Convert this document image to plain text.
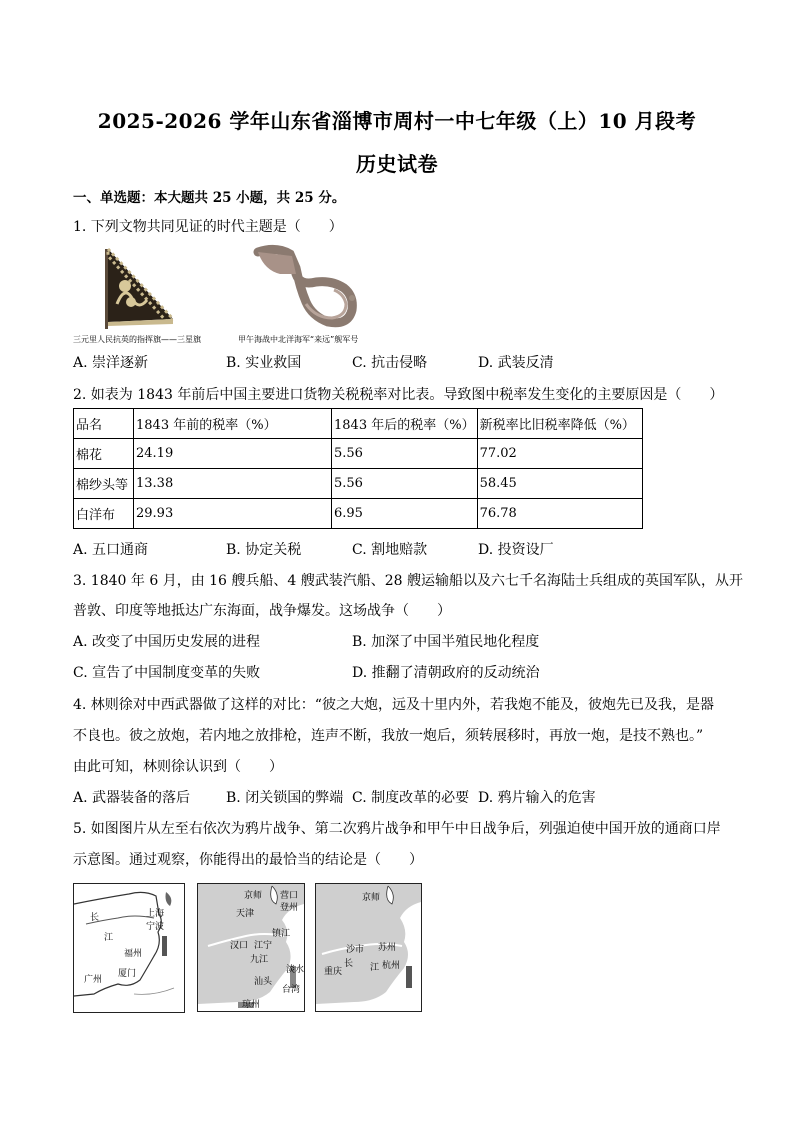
2025-2026 学年山东省淄博市周村一中七年级（上）10 月段考
历史试卷
一、单选题：本大题共 25 小题，共 25 分。
1. 下列文物共同见证的时代主题是（　　）
三元里人民抗英的指挥旗——三星旗	甲午海战中北洋海军“来远”舰军号
A. 崇洋逐新	B. 实业救国	C. 抗击侵略	D. 武装反清
2. 如表为 1843 年前后中国主要进口货物关税税率对比表。导致图中税率发生变化的主要原因是（　　）
品名	1843 年前的税率（%）	1843 年后的税率（%）	新税率比旧税率降低（%）
棉花	24.19	5.56	77.02
棉纱头等	13.38	5.56	58.45
白洋布	29.93	6.95	76.78
A. 五口通商	B. 协定关税	C. 割地赔款	D. 投资设厂
3. 1840 年 6 月，由 16 艘兵船、4 艘武装汽船、28 艘运输船以及六七千名海陆士兵组成的英国军队，从开
普敦、印度等地抵达广东海面，战争爆发。这场战争（　　）
A. 改变了中国历史发展的进程	B. 加深了中国半殖民地化程度
C. 宣告了中国制度变革的失败	D. 推翻了清朝政府的反动统治
4. 林则徐对中西武器做了这样的对比：“彼之大炮，远及十里内外，若我炮不能及，彼炮先已及我，是器
不良也。彼之放炮，若内地之放排枪，连声不断，我放一炮后，须转展移时，再放一炮，是技不熟也。”
由此可知，林则徐认识到（　　）
A. 武器装备的落后	B. 闭关锁国的弊端 C. 制度改革的必要 D. 鸦片输入的危害
5. 如图图片从左至右依次为鸦片战争、第二次鸦片战争和甲午中日战争后，列强迫使中国开放的通商口岸
示意图。通过观察，你能得出的最恰当的结论是（　　）
上海
宁波
长
江
福州
厦门
广州
京师 营口
天津
登州
镇江
汉口 江宁
九江
汕头
淡水
台湾
琼州
京师
沙市 苏州
重庆
长 江 杭州
